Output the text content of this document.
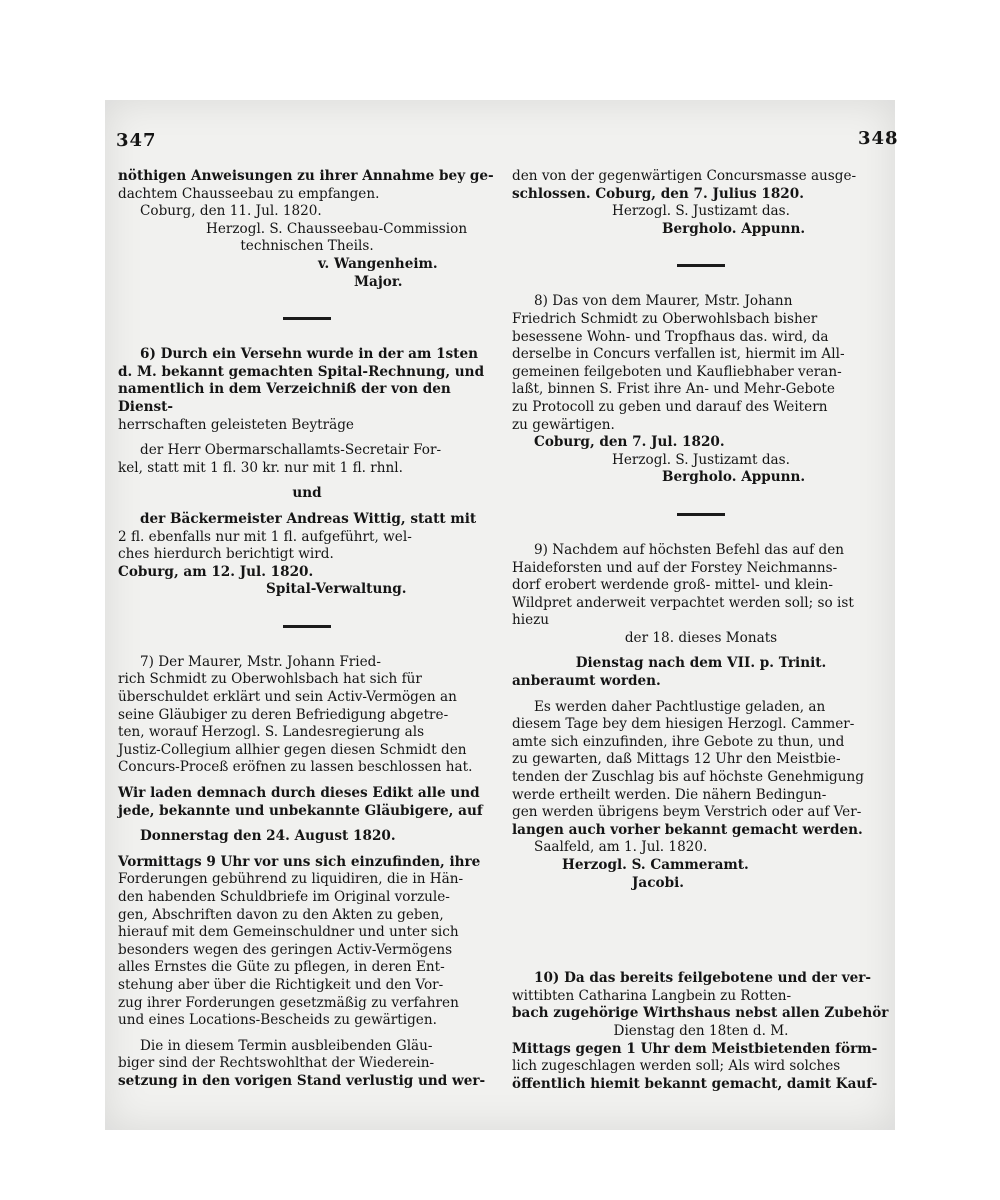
347	348

nöthigen Anweisungen zu ihrer Annahme bey ge-

dachtem Chausseebau zu empfangen.

Coburg, den 11. Jul. 1820.

Herzogl. S. Chausseebau-Commission

technischen Theils.

v. Wangenheim.

Major.

6) Durch ein Versehn wurde in der am 1sten

d. M. bekannt gemachten Spital-Rechnung, und

namentlich in dem Verzeichniß der von den Dienst-

herrschaften geleisteten Beyträge

der Herr Obermarschallamts-Secretair For-

kel, statt mit 1 fl. 30 kr. nur mit 1 fl. rhnl.

und

der Bäckermeister Andreas Wittig, statt mit

2 fl. ebenfalls nur mit 1 fl. aufgeführt, wel-

ches hierdurch berichtigt wird.

Coburg, am 12. Jul. 1820.

Spital-Verwaltung.

7) Der Maurer, Mstr. Johann Fried-

rich Schmidt zu Oberwohlsbach hat sich für

überschuldet erklärt und sein Activ-Vermögen an

seine Gläubiger zu deren Befriedigung abgetre-

ten, worauf Herzogl. S. Landesregierung als

Justiz-Collegium allhier gegen diesen Schmidt den

Concurs-Proceß eröfnen zu lassen beschlossen hat.

Wir laden demnach durch dieses Edikt alle und

jede, bekannte und unbekannte Gläubigere, auf

Donnerstag den 24. August 1820.

Vormittags 9 Uhr vor uns sich einzufinden, ihre

Forderungen gebührend zu liquidiren, die in Hän-

den habenden Schuldbriefe im Original vorzule-

gen, Abschriften davon zu den Akten zu geben,

hierauf mit dem Gemeinschuldner und unter sich

besonders wegen des geringen Activ-Vermögens

alles Ernstes die Güte zu pflegen, in deren Ent-

stehung aber über die Richtigkeit und den Vor-

zug ihrer Forderungen gesetzmäßig zu verfahren

und eines Locations-Bescheids zu gewärtigen.

Die in diesem Termin ausbleibenden Gläu-

biger sind der Rechtswohlthat der Wiederein-

setzung in den vorigen Stand verlustig und wer-

den von der gegenwärtigen Concursmasse ausge-

schlossen. Coburg, den 7. Julius 1820.

Herzogl. S. Justizamt das.

Bergholo. Appunn.

8) Das von dem Maurer, Mstr. Johann

Friedrich Schmidt zu Oberwohlsbach bisher

besessene Wohn- und Tropfhaus das. wird, da

derselbe in Concurs verfallen ist, hiermit im All-

gemeinen feilgeboten und Kaufliebhaber veran-

laßt, binnen S. Frist ihre An- und Mehr-Gebote

zu Protocoll zu geben und darauf des Weitern

zu gewärtigen.

Coburg, den 7. Jul. 1820.

Herzogl. S. Justizamt das.

Bergholo. Appunn.

9) Nachdem auf höchsten Befehl das auf den

Haideforsten und auf der Forstey Neichmanns-

dorf erobert werdende groß- mittel- und klein-

Wildpret anderweit verpachtet werden soll; so ist

hiezu

der 18. dieses Monats

Dienstag nach dem VII. p. Trinit.

anberaumt worden.

Es werden daher Pachtlustige geladen, an

diesem Tage bey dem hiesigen Herzogl. Cammer-

amte sich einzufinden, ihre Gebote zu thun, und

zu gewarten, daß Mittags 12 Uhr den Meistbie-

tenden der Zuschlag bis auf höchste Genehmigung

werde ertheilt werden. Die nähern Bedingun-

gen werden übrigens beym Verstrich oder auf Ver-

langen auch vorher bekannt gemacht werden.

Saalfeld, am 1. Jul. 1820.

Herzogl. S. Cammeramt.

Jacobi.

10) Da das bereits feilgebotene und der ver-

wittibten Catharina Langbein zu Rotten-

bach zugehörige Wirthshaus nebst allen Zubehör

Dienstag den 18ten d. M.

Mittags gegen 1 Uhr dem Meistbietenden förm-

lich zugeschlagen werden soll; Als wird solches

öffentlich hiemit bekannt gemacht, damit Kauf-
